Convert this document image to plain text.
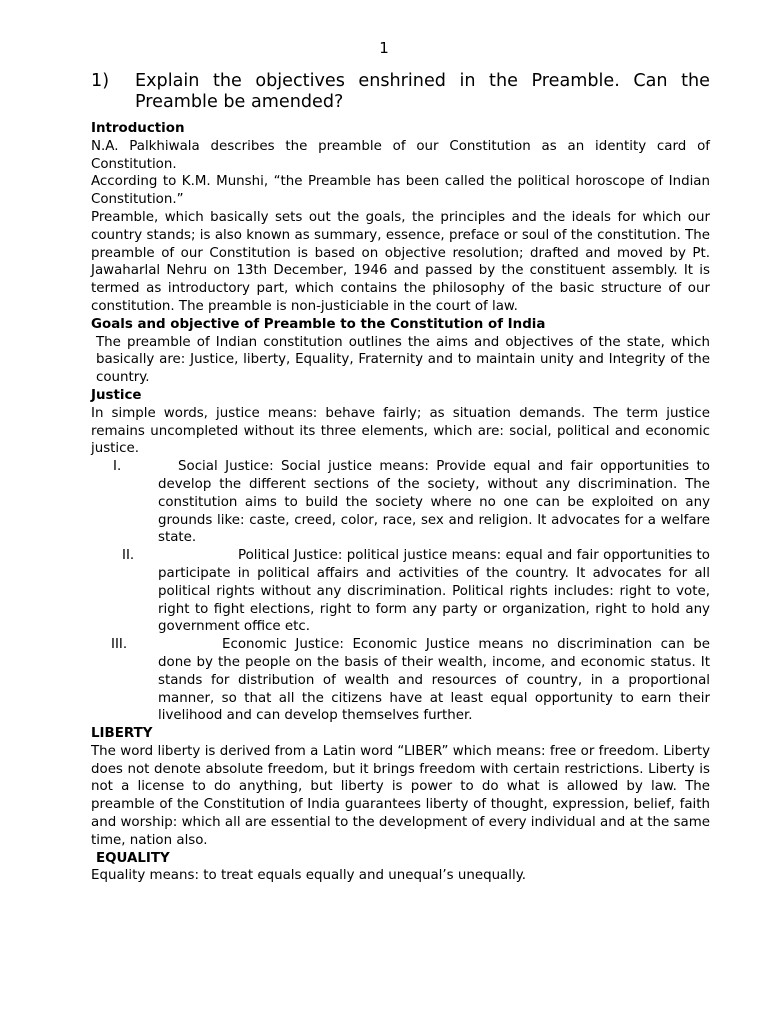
1
1)	Explain the objectives enshrined in the Preamble. Can the Preamble be amended?

Introduction

N.A. Palkhiwala describes the preamble of our Constitution as an identity card of Constitution.

According to K.M. Munshi, “the Preamble has been called the political horoscope of Indian Constitution.”

Preamble, which basically sets out the goals, the principles and the ideals for which our country stands; is also known as summary, essence, preface or soul of the constitution. The preamble of our Constitution is based on objective resolution; drafted and moved by Pt. Jawaharlal Nehru on 13th December, 1946 and passed by the constituent assembly. It is termed as introductory part, which contains the philosophy of the basic structure of our constitution. The preamble is non-justiciable in the court of law.

Goals and objective of Preamble to the Constitution of India

The preamble of Indian constitution outlines the aims and objectives of the state, which basically are: Justice, liberty, Equality, Fraternity and to maintain unity and Integrity of the country.

Justice

In simple words, justice means: behave fairly; as situation demands. The term justice remains uncompleted without its three elements, which are: social, political and economic justice.

I.	Social Justice: Social justice means: Provide equal and fair opportunities to develop the different sections of the society, without any discrimination. The constitution aims to build the society where no one can be exploited on any grounds like: caste, creed, color, race, sex and religion. It advocates for a welfare state.
II.	Political Justice: political justice means: equal and fair opportunities to participate in political affairs and activities of the country. It advocates for all political rights without any discrimination. Political rights includes: right to vote, right to fight elections, right to form any party or organization, right to hold any government office etc.
III.	Economic Justice: Economic Justice means no discrimination can be done by the people on the basis of their wealth, income, and economic status. It stands for distribution of wealth and resources of country, in a proportional manner, so that all the citizens have at least equal opportunity to earn their livelihood and can develop themselves further.

LIBERTY

The word liberty is derived from a Latin word “LIBER” which means: free or freedom. Liberty does not denote absolute freedom, but it brings freedom with certain restrictions. Liberty is not a license to do anything, but liberty is power to do what is allowed by law. The preamble of the Constitution of India guarantees liberty of thought, expression, belief, faith and worship: which all are essential to the development of every individual and at the same time, nation also.

EQUALITY

Equality means: to treat equals equally and unequal’s unequally.
